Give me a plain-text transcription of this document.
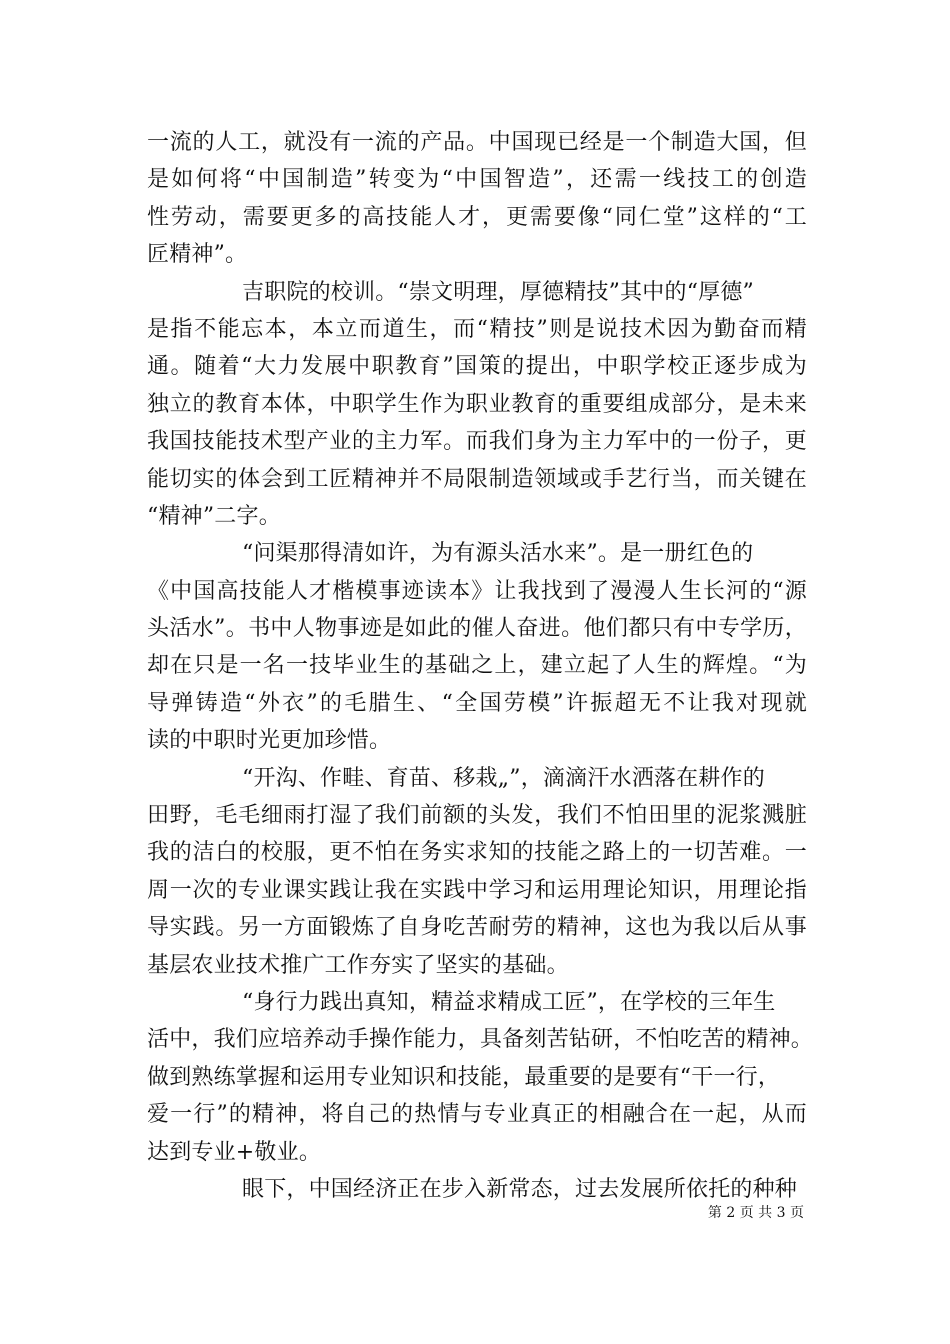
一流的人工，就没有一流的产品。中国现已经是一个制造大国，但
是如何将“中国制造”转变为“中国智造”，还需一线技工的创造
性劳动，需要更多的高技能人才，更需要像“同仁堂”这样的“工
匠精神”。
吉职院的校训。“崇文明理，厚德精技”其中的“厚德”
是指不能忘本，本立而道生，而“精技”则是说技术因为勤奋而精
通。随着“大力发展中职教育”国策的提出，中职学校正逐步成为
独立的教育本体，中职学生作为职业教育的重要组成部分，是未来
我国技能技术型产业的主力军。而我们身为主力军中的一份子，更
能切实的体会到工匠精神并不局限制造领域或手艺行当，而关键在
“精神”二字。
“问渠那得清如许，为有源头活水来”。是一册红色的
《中国高技能人才楷模事迹读本》让我找到了漫漫人生长河的“源
头活水”。书中人物事迹是如此的催人奋进。他们都只有中专学历，
却在只是一名一技毕业生的基础之上，建立起了人生的辉煌。“为
导弹铸造“外衣”的毛腊生、“全国劳模”许振超无不让我对现就
读的中职时光更加珍惜。
“开沟、作畦、育苗、移栽„”，滴滴汗水洒落在耕作的
田野，毛毛细雨打湿了我们前额的头发，我们不怕田里的泥浆溅脏
我的洁白的校服，更不怕在务实求知的技能之路上的一切苦难。一
周一次的专业课实践让我在实践中学习和运用理论知识，用理论指
导实践。另一方面锻炼了自身吃苦耐劳的精神，这也为我以后从事
基层农业技术推广工作夯实了坚实的基础。
“身行力践出真知，精益求精成工匠”，在学校的三年生
活中，我们应培养动手操作能力，具备刻苦钻研，不怕吃苦的精神。
做到熟练掌握和运用专业知识和技能，最重要的是要有“干一行，
爱一行”的精神，将自己的热情与专业真正的相融合在一起，从而
达到专业+敬业。
眼下，中国经济正在步入新常态，过去发展所依托的种种
第 2 页 共 3 页
